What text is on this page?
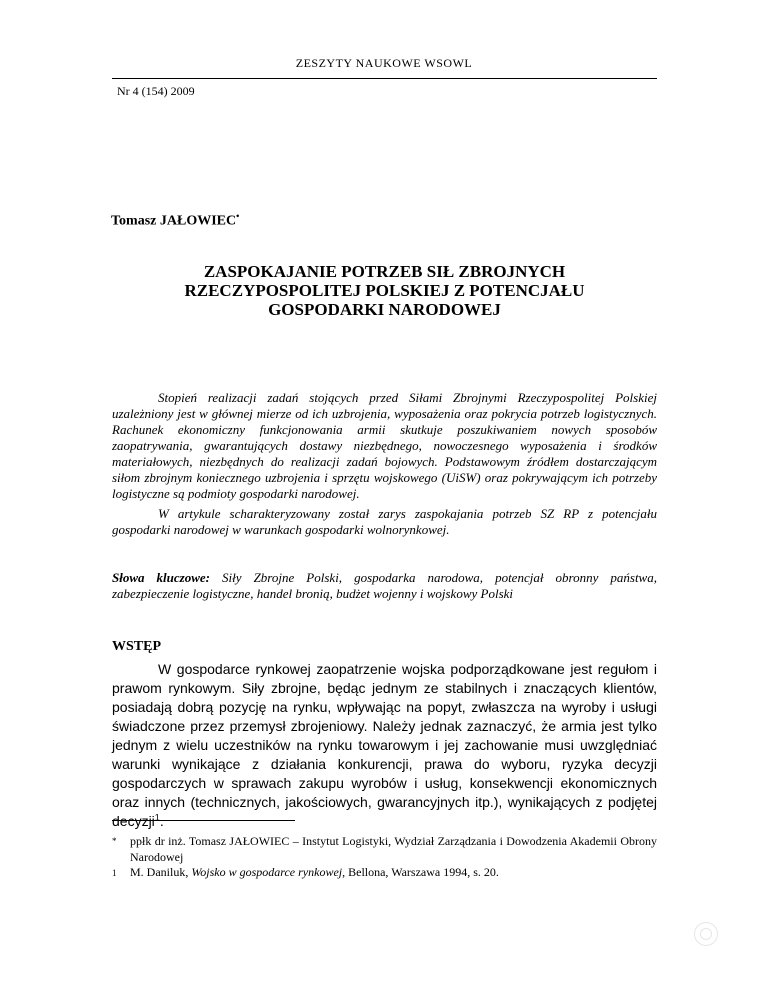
ZESZYTY NAUKOWE WSOWL
Nr 4 (154) 2009
Tomasz JAŁOWIEC•
ZASPOKAJANIE POTRZEB SIŁ ZBROJNYCH
RZECZYPOSPOLITEJ POLSKIEJ Z POTENCJAŁU
GOSPODARKI NARODOWEJ

Stopień realizacji zadań stojących przed Siłami Zbrojnymi Rzeczypospolitej Polskiej uzależniony jest w głównej mierze od ich uzbrojenia, wyposażenia oraz pokrycia potrzeb logistycznych. Rachunek ekonomiczny funkcjonowania armii skutkuje poszukiwaniem nowych sposobów zaopatrywania, gwarantujących dostawy niezbędnego, nowoczesnego wyposażenia i środków materiałowych, niezbędnych do realizacji zadań bojowych. Podstawowym źródłem dostarczającym siłom zbrojnym koniecznego uzbrojenia i sprzętu wojskowego (UiSW) oraz pokrywającym ich potrzeby logistyczne są podmioty gospodarki narodowej.

W artykule scharakteryzowany został zarys zaspokajania potrzeb SZ RP z potencjału gospodarki narodowej w warunkach gospodarki wolnorynkowej.

Słowa kluczowe: Siły Zbrojne Polski, gospodarka narodowa, potencjał obronny państwa, zabezpieczenie logistyczne, handel bronią, budżet wojenny i wojskowy Polski

WSTĘP

W gospodarce rynkowej zaopatrzenie wojska podporządkowane jest regułom i prawom rynkowym. Siły zbrojne, będąc jednym ze stabilnych i znaczących klientów, posiadają dobrą pozycję na rynku, wpływając na popyt, zwłaszcza na wyroby i usługi świadczone przez przemysł zbrojeniowy. Należy jednak zaznaczyć, że armia jest tylko jednym z wielu uczestników na rynku towarowym i jej zachowanie musi uwzględniać warunki wynikające z działania konkurencji, prawa do wyboru, ryzyka decyzji gospodarczych w sprawach zakupu wyrobów i usług, konsekwencji ekonomicznych oraz innych (technicznych, jakościowych, gwarancyjnych itp.), wynikających z podjętej decyzji$^1$.

*	ppłk dr inż. Tomasz JAŁOWIEC – Instytut Logistyki, Wydział Zarządzania i Dowodzenia Akademii Obrony Narodowej
1	M. Daniluk, Wojsko w gospodarce rynkowej, Bellona, Warszawa 1994, s. 20.
